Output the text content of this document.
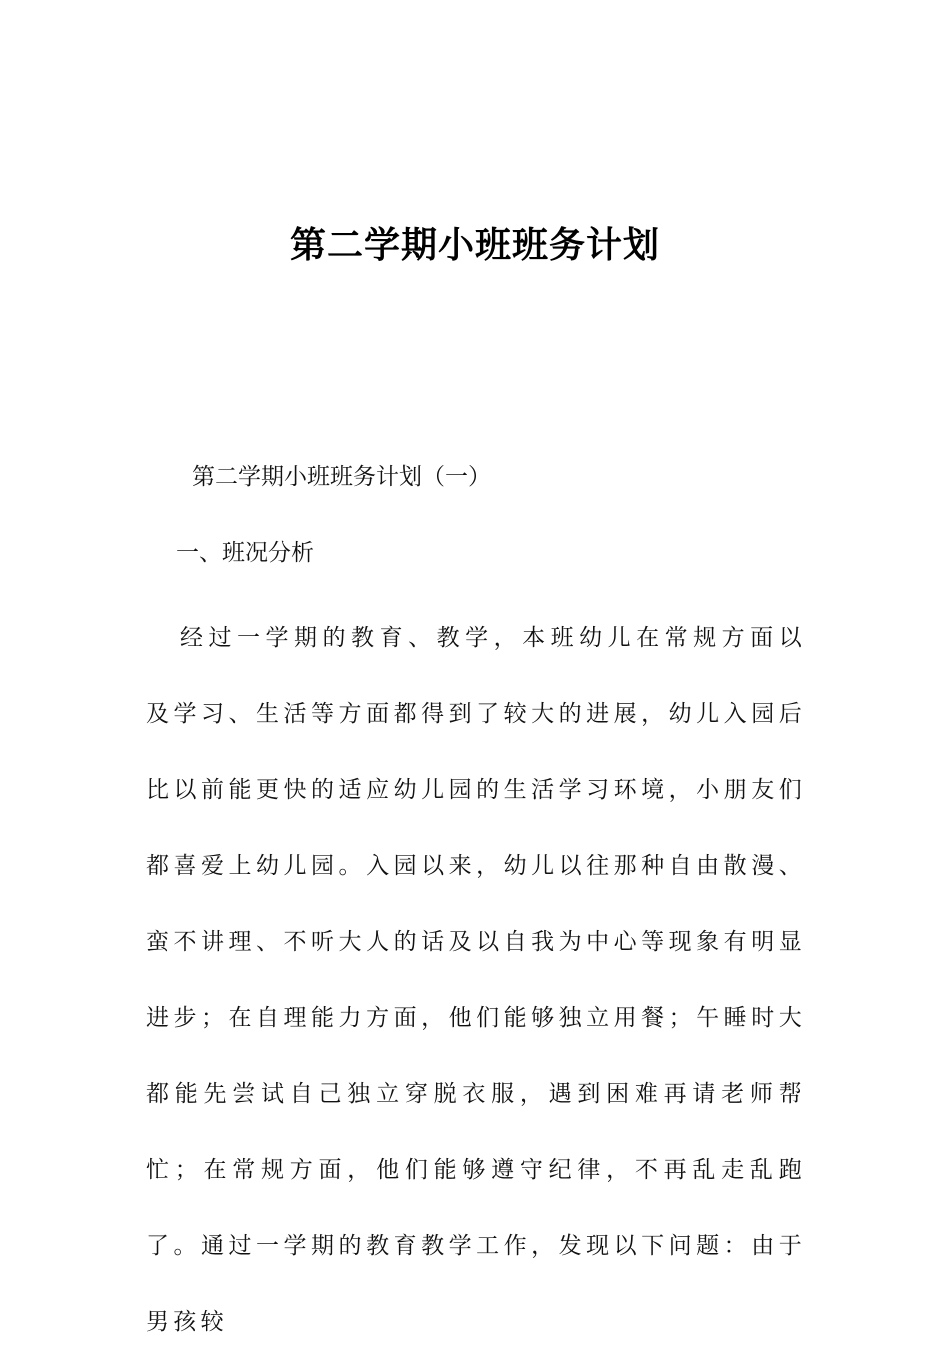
第二学期小班班务计划
第二学期小班班务计划（一）
一、班况分析
经过一学期的教育、教学，本班幼儿在常规方面以及学习、生活等方面都得到了较大的进展，幼儿入园后比以前能更快的适应幼儿园的生活学习环境，小朋友们都喜爱上幼儿园。入园以来，幼儿以往那种自由散漫、蛮不讲理、不听大人的话及以自我为中心等现象有明显进步；在自理能力方面，他们能够独立用餐；午睡时大都能先尝试自己独立穿脱衣服，遇到困难再请老师帮忙；在常规方面，他们能够遵守纪律，不再乱走乱跑了。通过一学期的教育教学工作，发现以下问题：由于男孩较
